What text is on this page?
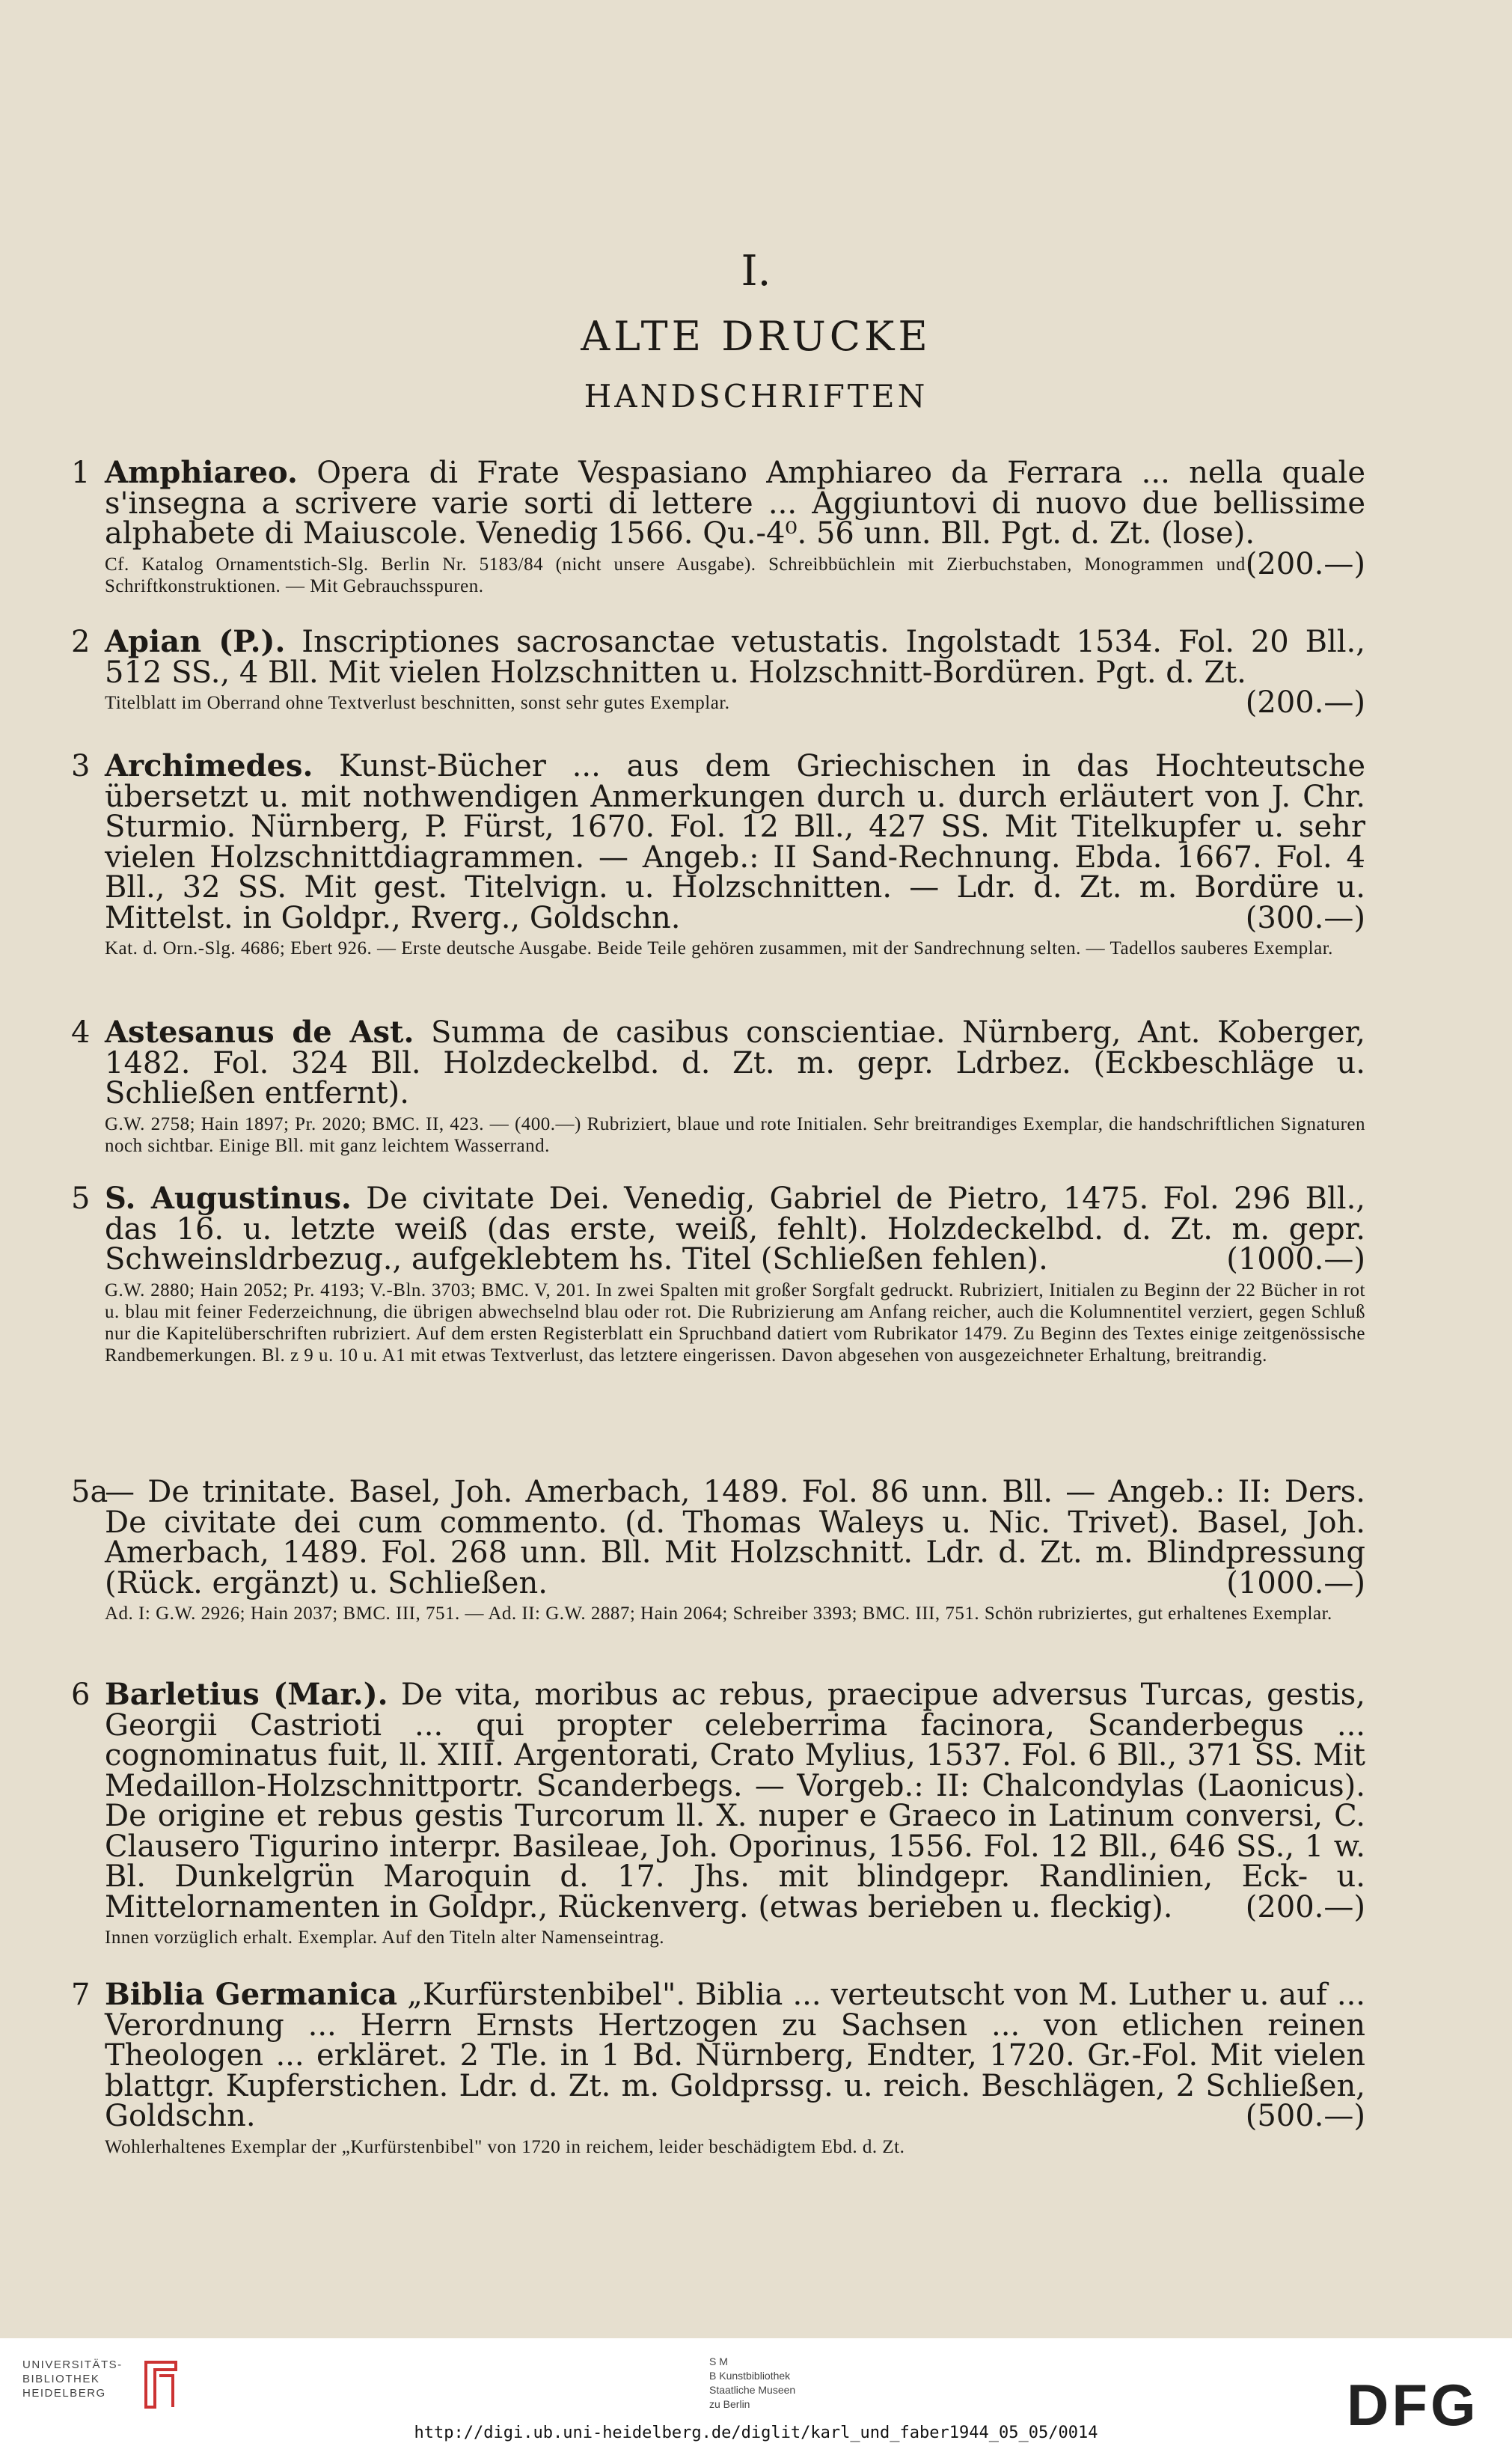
I.
ALTE DRUCKE
HANDSCHRIFTEN
1 Amphiareo. Opera di Frate Vespasiano Amphiareo da Ferrara ... nella quale s'insegna a scrivere varie sorti di lettere ... Aggiuntovi di nuovo due bellissime alphabete di Maiuscole. Venedig 1566. Qu.-4⁰. 56 unn. Bll. Pgt. d. Zt. (lose).
(200.—)
Cf. Katalog Ornamentstich-Slg. Berlin Nr. 5183/84 (nicht unsere Ausgabe). Schreibbüchlein mit Zierbuchstaben, Monogrammen und Schriftkonstruktionen. — Mit Gebrauchsspuren.
2 Apian (P.). Inscriptiones sacrosanctae vetustatis. Ingolstadt 1534. Fol. 20 Bll., 512 SS., 4 Bll. Mit vielen Holzschnitten u. Holzschnitt-Bordüren. Pgt. d. Zt.
(200.—)
Titelblatt im Oberrand ohne Textverlust beschnitten, sonst sehr gutes Exemplar.
3 Archimedes. Kunst-Bücher ... aus dem Griechischen in das Hochteutsche übersetzt u. mit nothwendigen Anmerkungen durch u. durch erläutert von J. Chr. Sturmio. Nürnberg, P. Fürst, 1670. Fol. 12 Bll., 427 SS. Mit Titelkupfer u. sehr vielen Holzschnittdiagrammen. — Angeb.: II Sand-Rechnung. Ebda. 1667. Fol. 4 Bll., 32 SS. Mit gest. Titelvign. u. Holzschnitten. — Ldr. d. Zt. m. Bordüre u. Mittelst. in Goldpr., Rverg., Goldschn.	(300.—)
Kat. d. Orn.-Slg. 4686; Ebert 926. — Erste deutsche Ausgabe. Beide Teile gehören zusammen, mit der Sandrechnung selten. — Tadellos sauberes Exemplar.
4 Astesanus de Ast. Summa de casibus conscientiae. Nürnberg, Ant. Koberger, 1482. Fol. 324 Bll. Holzdeckelbd. d. Zt. m. gepr. Ldrbez. (Eckbeschläge u. Schließen entfernt).
G.W. 2758; Hain 1897; Pr. 2020; BMC. II, 423. — (400.—) Rubriziert, blaue und rote Initialen. Sehr breitrandiges Exemplar, die handschriftlichen Signaturen noch sichtbar. Einige Bll. mit ganz leichtem Wasserrand.
5 S. Augustinus. De civitate Dei. Venedig, Gabriel de Pietro, 1475. Fol. 296 Bll., das 16. u. letzte weiß (das erste, weiß, fehlt). Holzdeckelbd. d. Zt. m. gepr. Schweinsldrbezug., aufgeklebtem hs. Titel (Schließen fehlen).	(1000.—)
G.W. 2880; Hain 2052; Pr. 4193; V.-Bln. 3703; BMC. V, 201. In zwei Spalten mit großer Sorgfalt gedruckt. Rubriziert, Initialen zu Beginn der 22 Bücher in rot u. blau mit feiner Federzeichnung, die übrigen abwechselnd blau oder rot. Die Rubrizierung am Anfang reicher, auch die Kolumnentitel verziert, gegen Schluß nur die Kapitelüberschriften rubriziert. Auf dem ersten Registerblatt ein Spruchband datiert vom Rubrikator 1479. Zu Beginn des Textes einige zeitgenössische Randbemerkungen. Bl. z 9 u. 10 u. A1 mit etwas Textverlust, das letztere eingerissen. Davon abgesehen von ausgezeichneter Erhaltung, breitrandig.
5a
— De trinitate. Basel, Joh. Amerbach, 1489. Fol. 86 unn. Bll. — Angeb.: II: Ders. De civitate dei cum commento. (d. Thomas Waleys u. Nic. Trivet). Basel, Joh. Amerbach, 1489. Fol. 268 unn. Bll. Mit Holzschnitt. Ldr. d. Zt. m. Blindpressung (Rück. ergänzt) u. Schließen.	(1000.—)
Ad. I: G.W. 2926; Hain 2037; BMC. III, 751. — Ad. II: G.W. 2887; Hain 2064; Schreiber 3393; BMC. III, 751. Schön rubriziertes, gut erhaltenes Exemplar.
6 Barletius (Mar.). De vita, moribus ac rebus, praecipue adversus Turcas, gestis, Georgii Castrioti ... qui propter celeberrima facinora, Scanderbegus ... cognominatus fuit, ll. XIII. Argentorati, Crato Mylius, 1537. Fol. 6 Bll., 371 SS. Mit Medaillon-Holzschnittportr. Scanderbegs. — Vorgeb.: II: Chalcondylas (Laonicus). De origine et rebus gestis Turcorum ll. X. nuper e Graeco in Latinum conversi, C. Clausero Tigurino interpr. Basileae, Joh. Oporinus, 1556. Fol. 12 Bll., 646 SS., 1 w. Bl. Dunkelgrün Maroquin d. 17. Jhs. mit blindgepr. Randlinien, Eck- u. Mittelornamenten in Goldpr., Rückenverg. (etwas berieben u. fleckig). (200.—)
Innen vorzüglich erhalt. Exemplar. Auf den Titeln alter Namenseintrag.
7 Biblia Germanica „Kurfürstenbibel". Biblia ... verteutscht von M. Luther u. auf ... Verordnung ... Herrn Ernsts Hertzogen zu Sachsen ... von etlichen reinen Theologen ... erkläret. 2 Tle. in 1 Bd. Nürnberg, Endter, 1720. Gr.-Fol. Mit vielen blattgr. Kupferstichen. Ldr. d. Zt. m. Goldprssg. u. reich. Beschlägen, 2 Schließen, Goldschn.	(500.—)
Wohlerhaltenes Exemplar der „Kurfürstenbibel" von 1720 in reichem, leider beschädigtem Ebd. d. Zt.
UNIVERSITÄTS-
BIBLIOTHEK
HEIDELBERG
S M
B Kunstbibliothek
Staatliche Museen
zu Berlin	DFG
http://digi.ub.uni-heidelberg.de/diglit/karl_und_faber1944_05_05/0014
